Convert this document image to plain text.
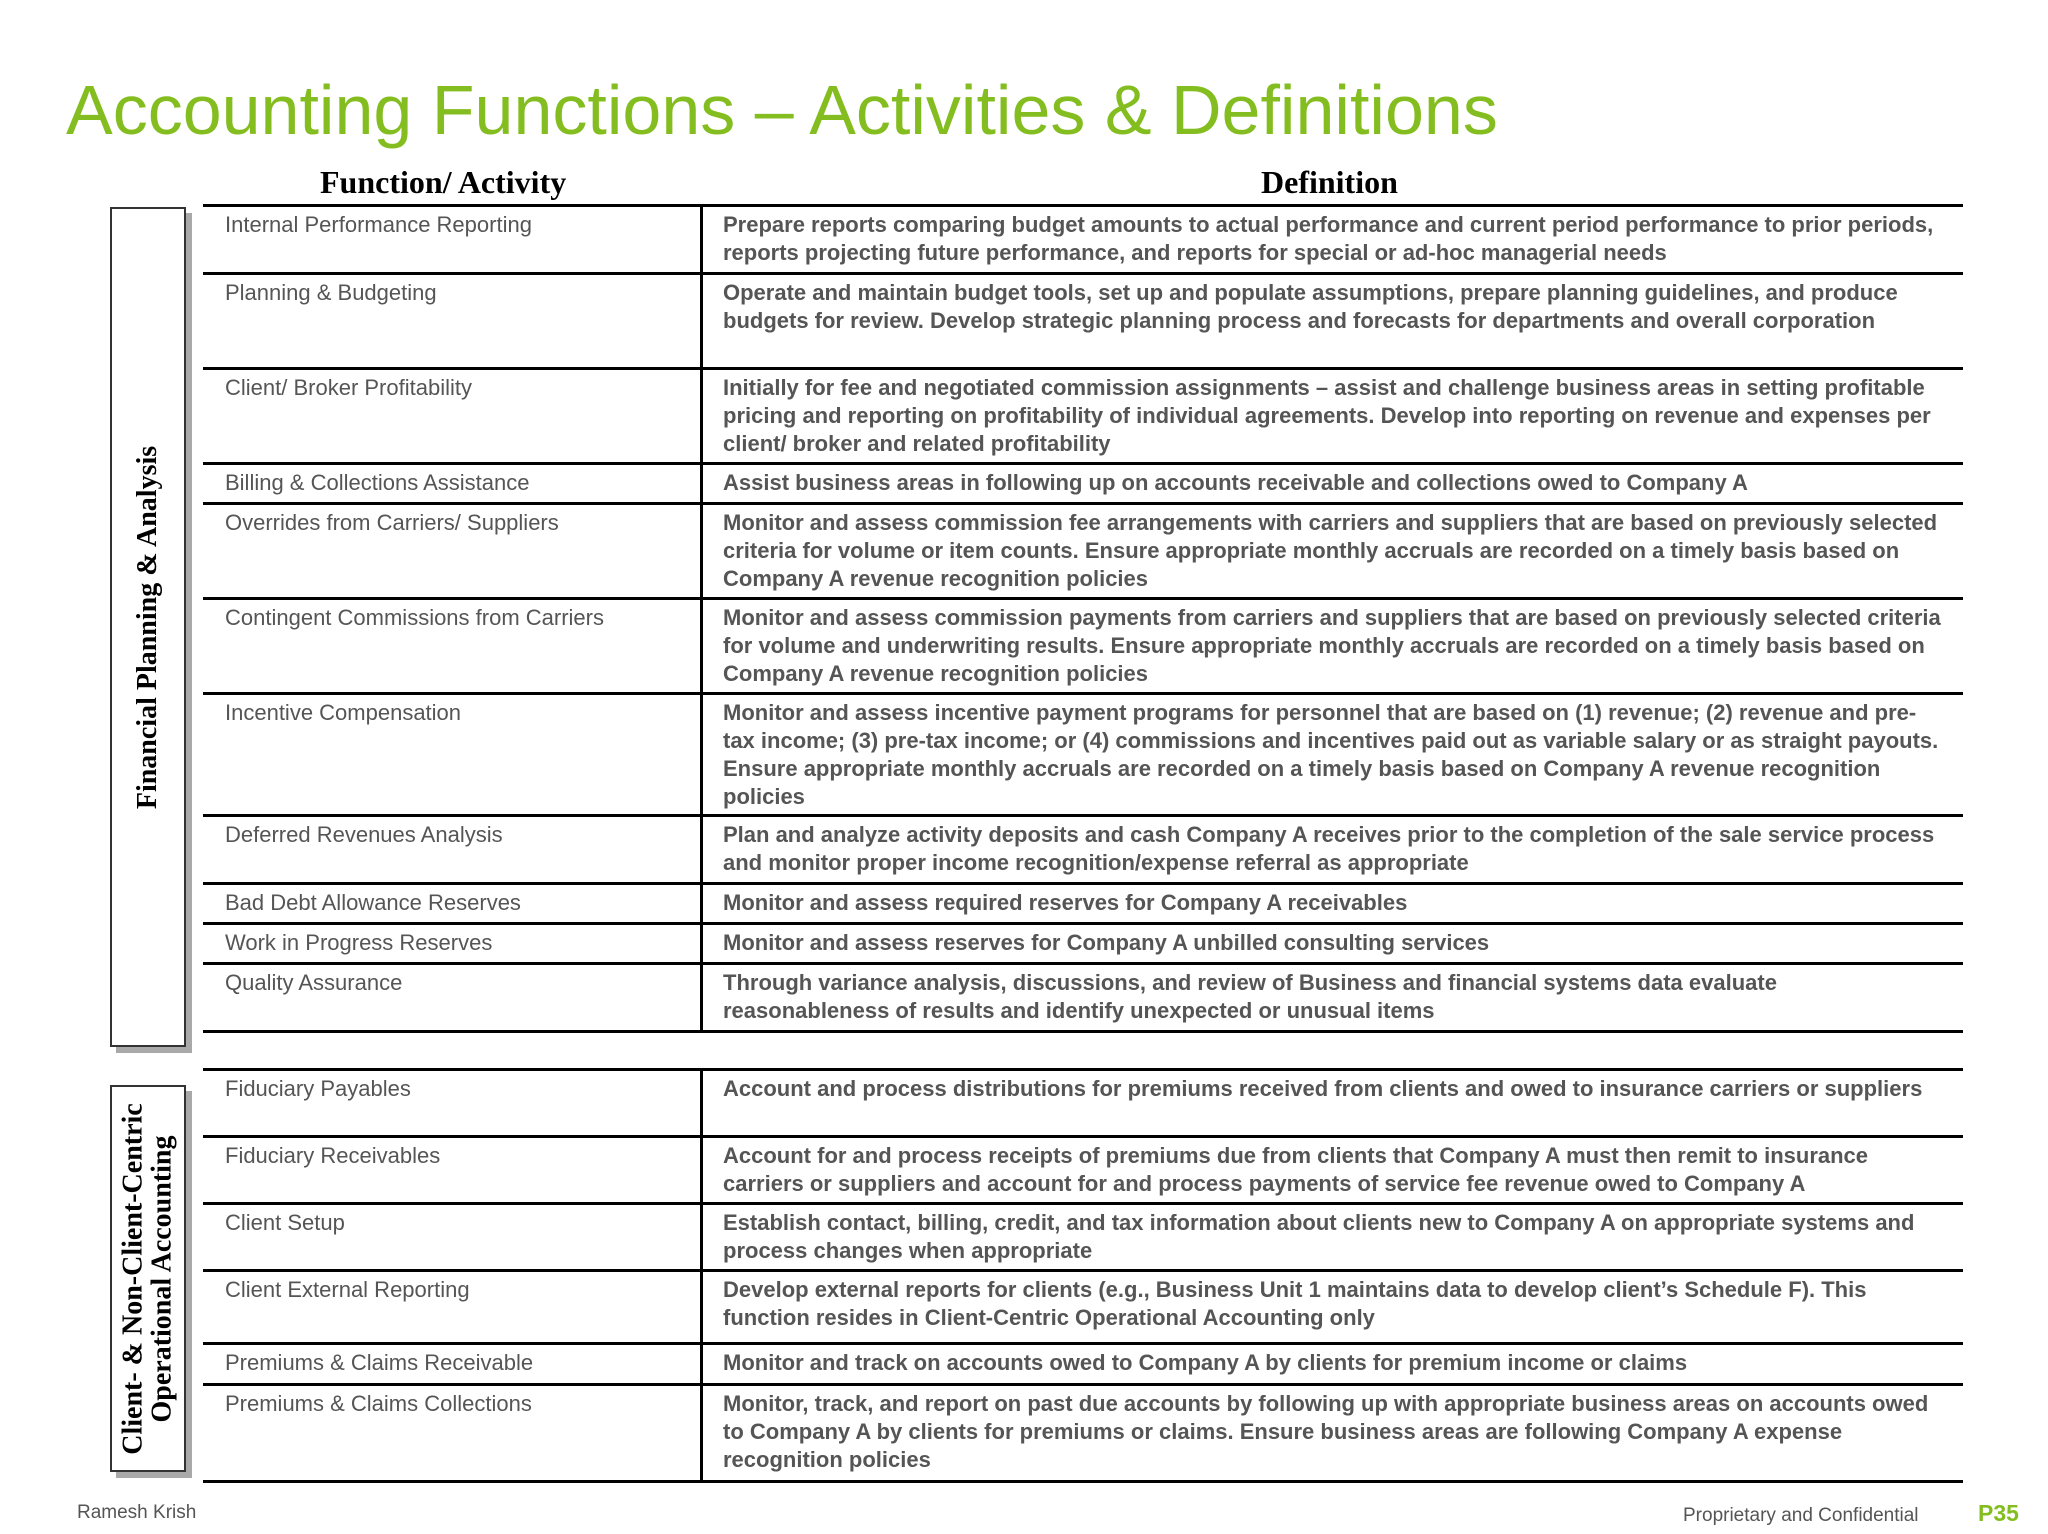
Accounting Functions – Activities & Definitions
Function/ Activity	Definition
Financial Planning & Analysis
Client- & Non-Client-Centric
Operational Accounting
Internal Performance Reporting	Prepare reports comparing budget amounts to actual performance and current period performance to prior periods, reports projecting future performance, and reports for special or ad-hoc managerial needs
Planning & Budgeting	Operate and maintain budget tools, set up and populate assumptions, prepare planning guidelines, and produce budgets for review. Develop strategic planning process and forecasts for departments and overall corporation
Client/ Broker Profitability	Initially for fee and negotiated commission assignments – assist and challenge business areas in setting profitable pricing and reporting on profitability of individual agreements. Develop into reporting on revenue and expenses per client/ broker and related profitability
Billing & Collections Assistance	Assist business areas in following up on accounts receivable and collections owed to Company A
Overrides from Carriers/ Suppliers	Monitor and assess commission fee arrangements with carriers and suppliers that are based on previously selected criteria for volume or item counts. Ensure appropriate monthly accruals are recorded on a timely basis based on Company A revenue recognition policies
Contingent Commissions from Carriers	Monitor and assess commission payments from carriers and suppliers that are based on previously selected criteria for volume and underwriting results. Ensure appropriate monthly accruals are recorded on a timely basis based on Company A revenue recognition policies
Incentive Compensation	Monitor and assess incentive payment programs for personnel that are based on (1) revenue; (2) revenue and pre-tax income; (3) pre-tax income; or (4) commissions and incentives paid out as variable salary or as straight payouts. Ensure appropriate monthly accruals are recorded on a timely basis based on Company A revenue recognition policies
Deferred Revenues Analysis	Plan and analyze activity deposits and cash Company A receives prior to the completion of the sale service process and monitor proper income recognition/expense referral as appropriate
Bad Debt Allowance Reserves	Monitor and assess required reserves for Company A receivables
Work in Progress Reserves	Monitor and assess reserves for Company A unbilled consulting services
Quality Assurance	Through variance analysis, discussions, and review of Business and financial systems data evaluate reasonableness of results and identify unexpected or unusual items
Fiduciary Payables	Account and process distributions for premiums received from clients and owed to insurance carriers or suppliers
Fiduciary Receivables	Account for and process receipts of premiums due from clients that Company A must then remit to insurance carriers or suppliers and account for and process payments of service fee revenue owed to Company A
Client Setup	Establish contact, billing, credit, and tax information about clients new to Company A on appropriate systems and process changes when appropriate
Client External Reporting	Develop external reports for clients (e.g., Business Unit 1 maintains data to develop client’s Schedule F). This function resides in Client-Centric Operational Accounting only
Premiums & Claims Receivable	Monitor and track on accounts owed to Company A by clients for premium income or claims
Premiums & Claims Collections	Monitor, track, and report on past due accounts by following up with appropriate business areas on accounts owed to Company A by clients for premiums or claims. Ensure business areas are following Company A expense recognition policies
Ramesh Krish	Proprietary and Confidential	P35
